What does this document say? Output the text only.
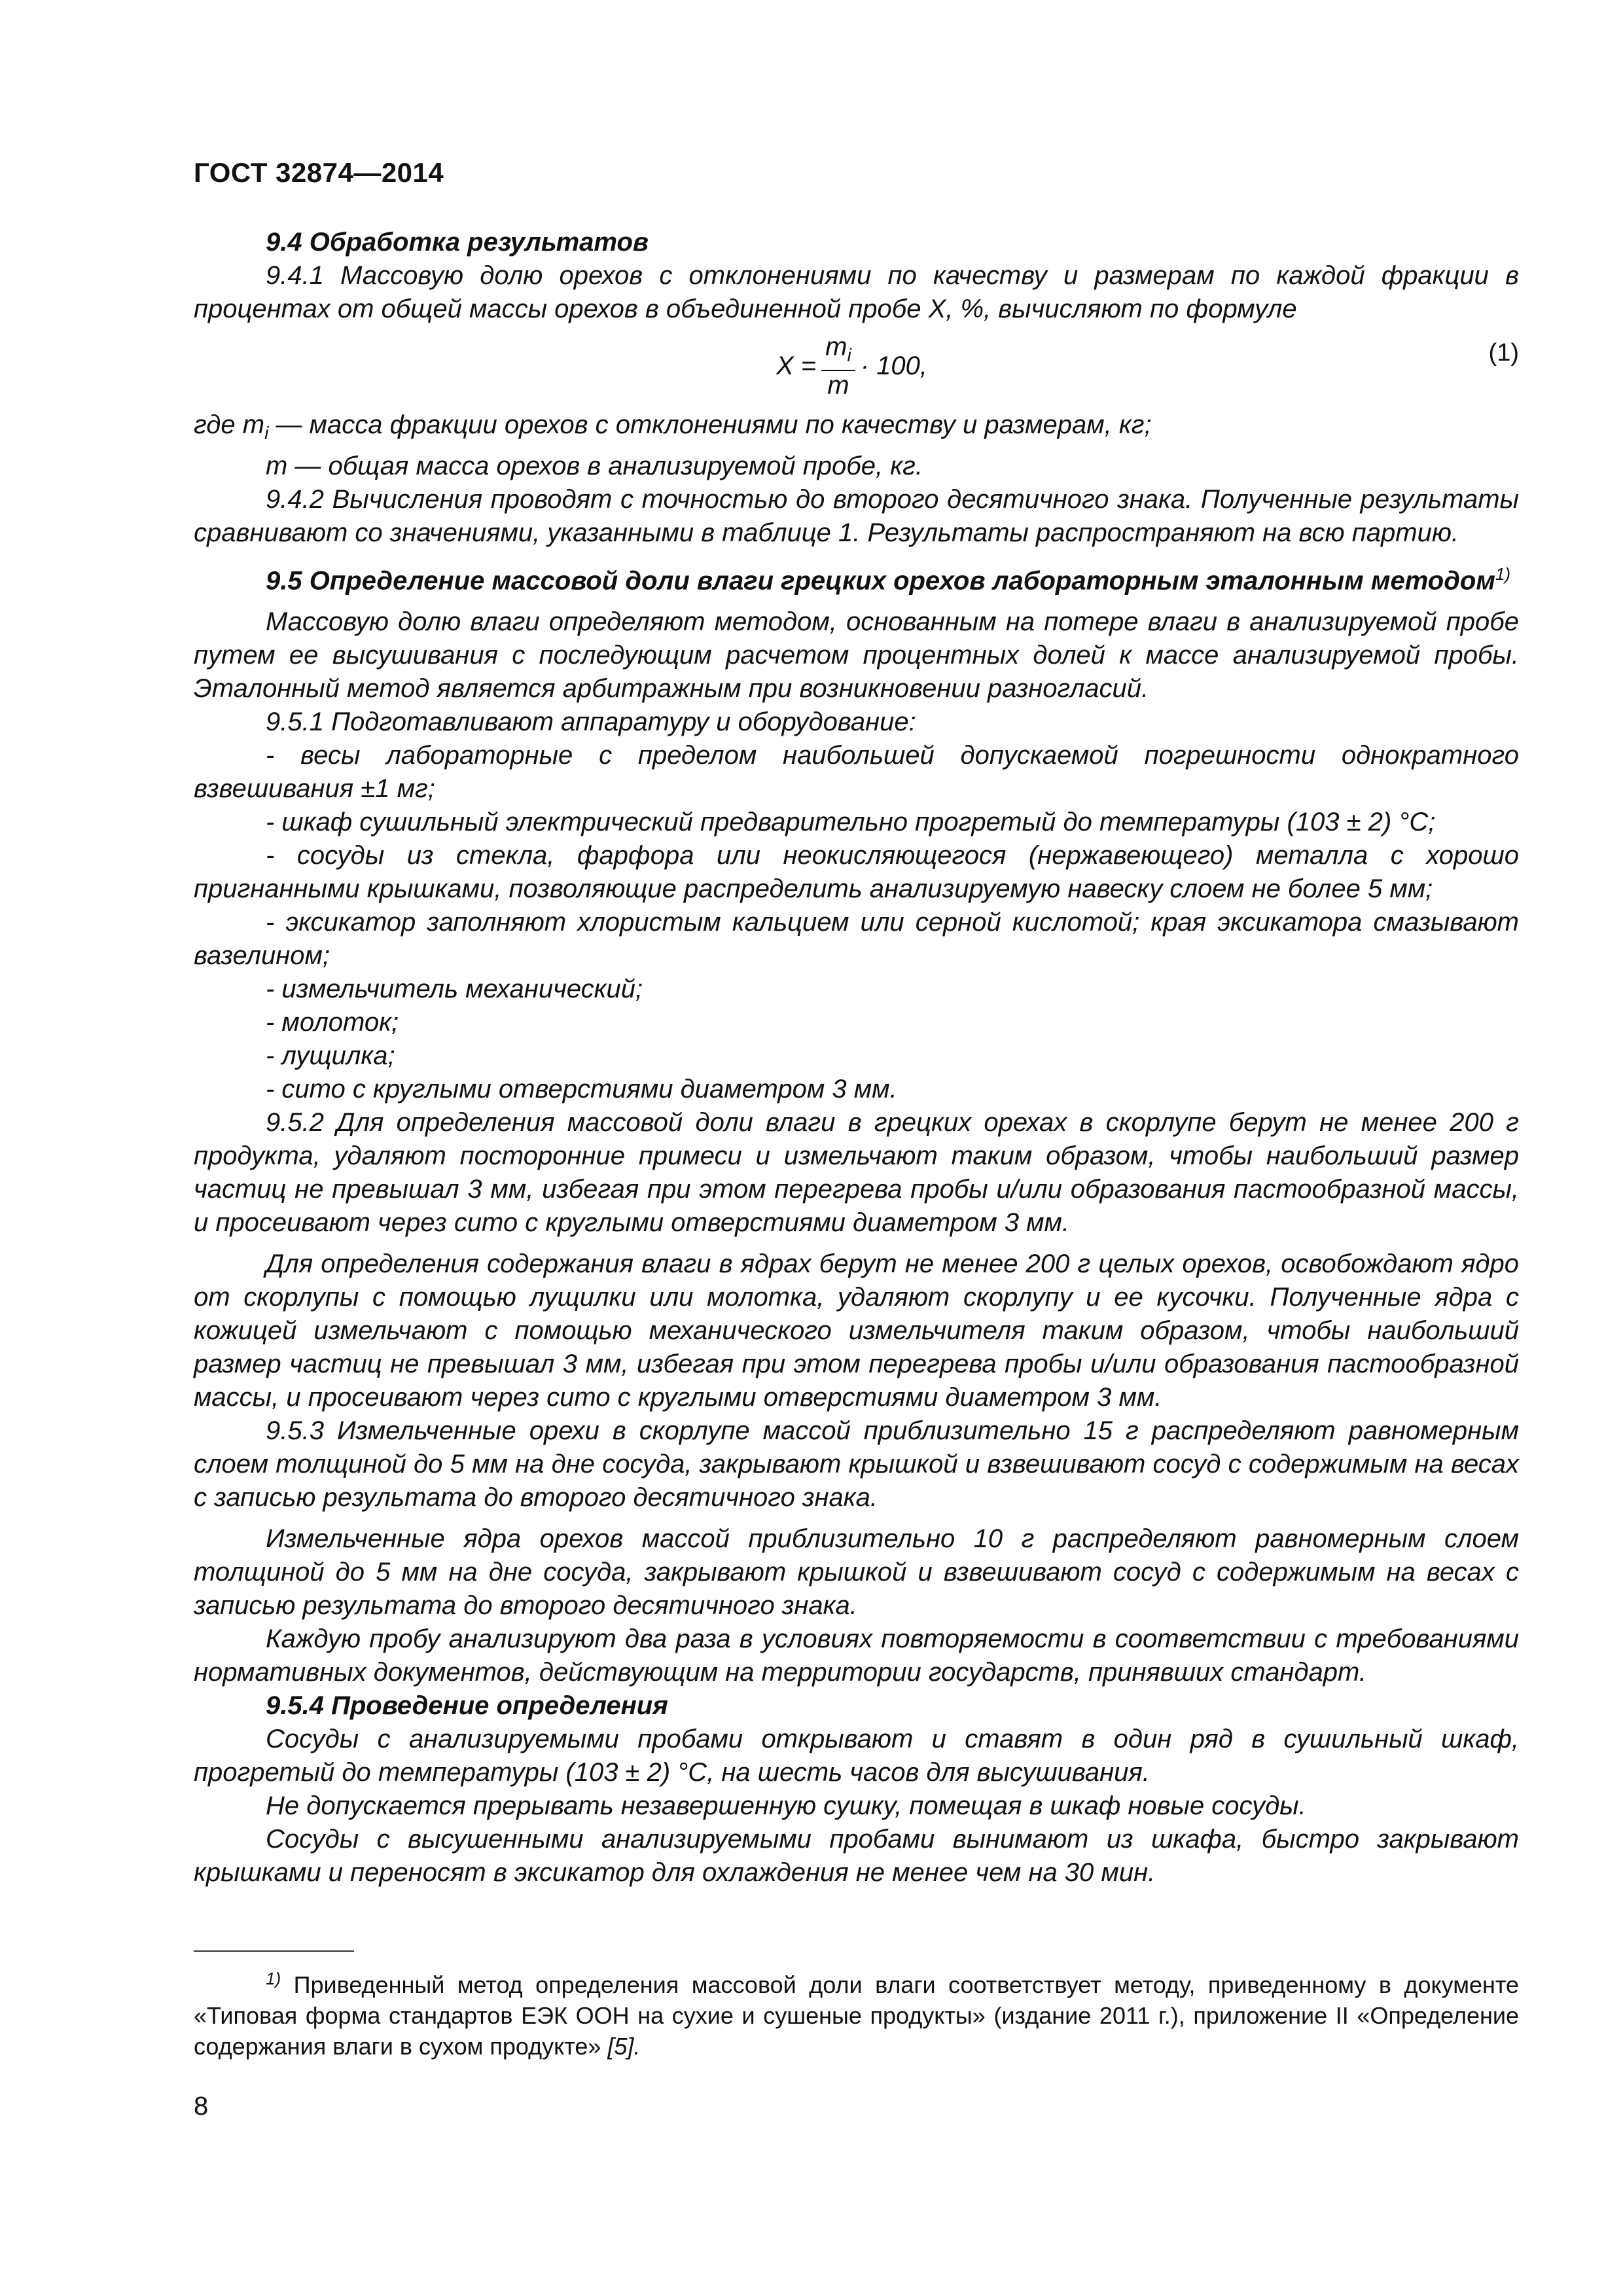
ГОСТ 32874—2014

9.4 Обработка результатов

9.4.1 Массовую долю орехов с отклонениями по качеству и размерам по каждой фракции в процентах от общей массы орехов в объединенной пробе X, %, вычисляют по формуле

$X = \frac{m_i}{m} \cdot 100$,	(1)

где $m_i$ — масса фракции орехов с отклонениями по качеству и размерам, кг;

m — общая масса орехов в анализируемой пробе, кг.

9.4.2 Вычисления проводят с точностью до второго десятичного знака. Полученные результаты сравнивают со значениями, указанными в таблице 1. Результаты распространяют на всю партию.

9.5 Определение массовой доли влаги грецких орехов лабораторным эталонным методом$^{1)}$

Массовую долю влаги определяют методом, основанным на потере влаги в анализируемой пробе путем ее высушивания с последующим расчетом процентных долей к массе анализируемой пробы. Эталонный метод является арбитражным при возникновении разногласий.

9.5.1 Подготавливают аппаратуру и оборудование:

- весы лабораторные с пределом наибольшей допускаемой погрешности однократного взвешивания ±1 мг;

- шкаф сушильный электрический предварительно прогретый до температуры (103 ± 2) °С;

- сосуды из стекла, фарфора или неокисляющегося (нержавеющего) металла с хорошо пригнанными крышками, позволяющие распределить анализируемую навеску слоем не более 5 мм;

- эксикатор заполняют хлористым кальцием или серной кислотой; края эксикатора смазывают вазелином;

- измельчитель механический;

- молоток;

- лущилка;

- сито с круглыми отверстиями диаметром 3 мм.

9.5.2 Для определения массовой доли влаги в грецких орехах в скорлупе берут не менее 200 г продукта, удаляют посторонние примеси и измельчают таким образом, чтобы наибольший размер частиц не превышал 3 мм, избегая при этом перегрева пробы и/или образования пастообразной массы, и просеивают через сито с круглыми отверстиями диаметром 3 мм.

Для определения содержания влаги в ядрах берут не менее 200 г целых орехов, освобождают ядро от скорлупы с помощью лущилки или молотка, удаляют скорлупу и ее кусочки. Полученные ядра с кожицей измельчают с помощью механического измельчителя таким образом, чтобы наибольший размер частиц не превышал 3 мм, избегая при этом перегрева пробы и/или образования пастообразной массы, и просеивают через сито с круглыми отверстиями диаметром 3 мм.

9.5.3 Измельченные орехи в скорлупе массой приблизительно 15 г распределяют равномерным слоем толщиной до 5 мм на дне сосуда, закрывают крышкой и взвешивают сосуд с содержимым на весах с записью результата до второго десятичного знака.

Измельченные ядра орехов массой приблизительно 10 г распределяют равномерным слоем толщиной до 5 мм на дне сосуда, закрывают крышкой и взвешивают сосуд с содержимым на весах с записью результата до второго десятичного знака.

Каждую пробу анализируют два раза в условиях повторяемости в соответствии с требованиями нормативных документов, действующим на территории государств, принявших стандарт.

9.5.4 Проведение определения

Сосуды с анализируемыми пробами открывают и ставят в один ряд в сушильный шкаф, прогретый до температуры (103 ± 2) °С, на шесть часов для высушивания.

Не допускается прерывать незавершенную сушку, помещая в шкаф новые сосуды.

Сосуды с высушенными анализируемыми пробами вынимают из шкафа, быстро закрывают крышками и переносят в эксикатор для охлаждения не менее чем на 30 мин.

$^{1)}$ Приведенный метод определения массовой доли влаги соответствует методу, приведенному в документе «Типовая форма стандартов ЕЭК ООН на сухие и сушеные продукты» (издание 2011 г.), приложение II «Определение содержания влаги в сухом продукте» [5].
8
